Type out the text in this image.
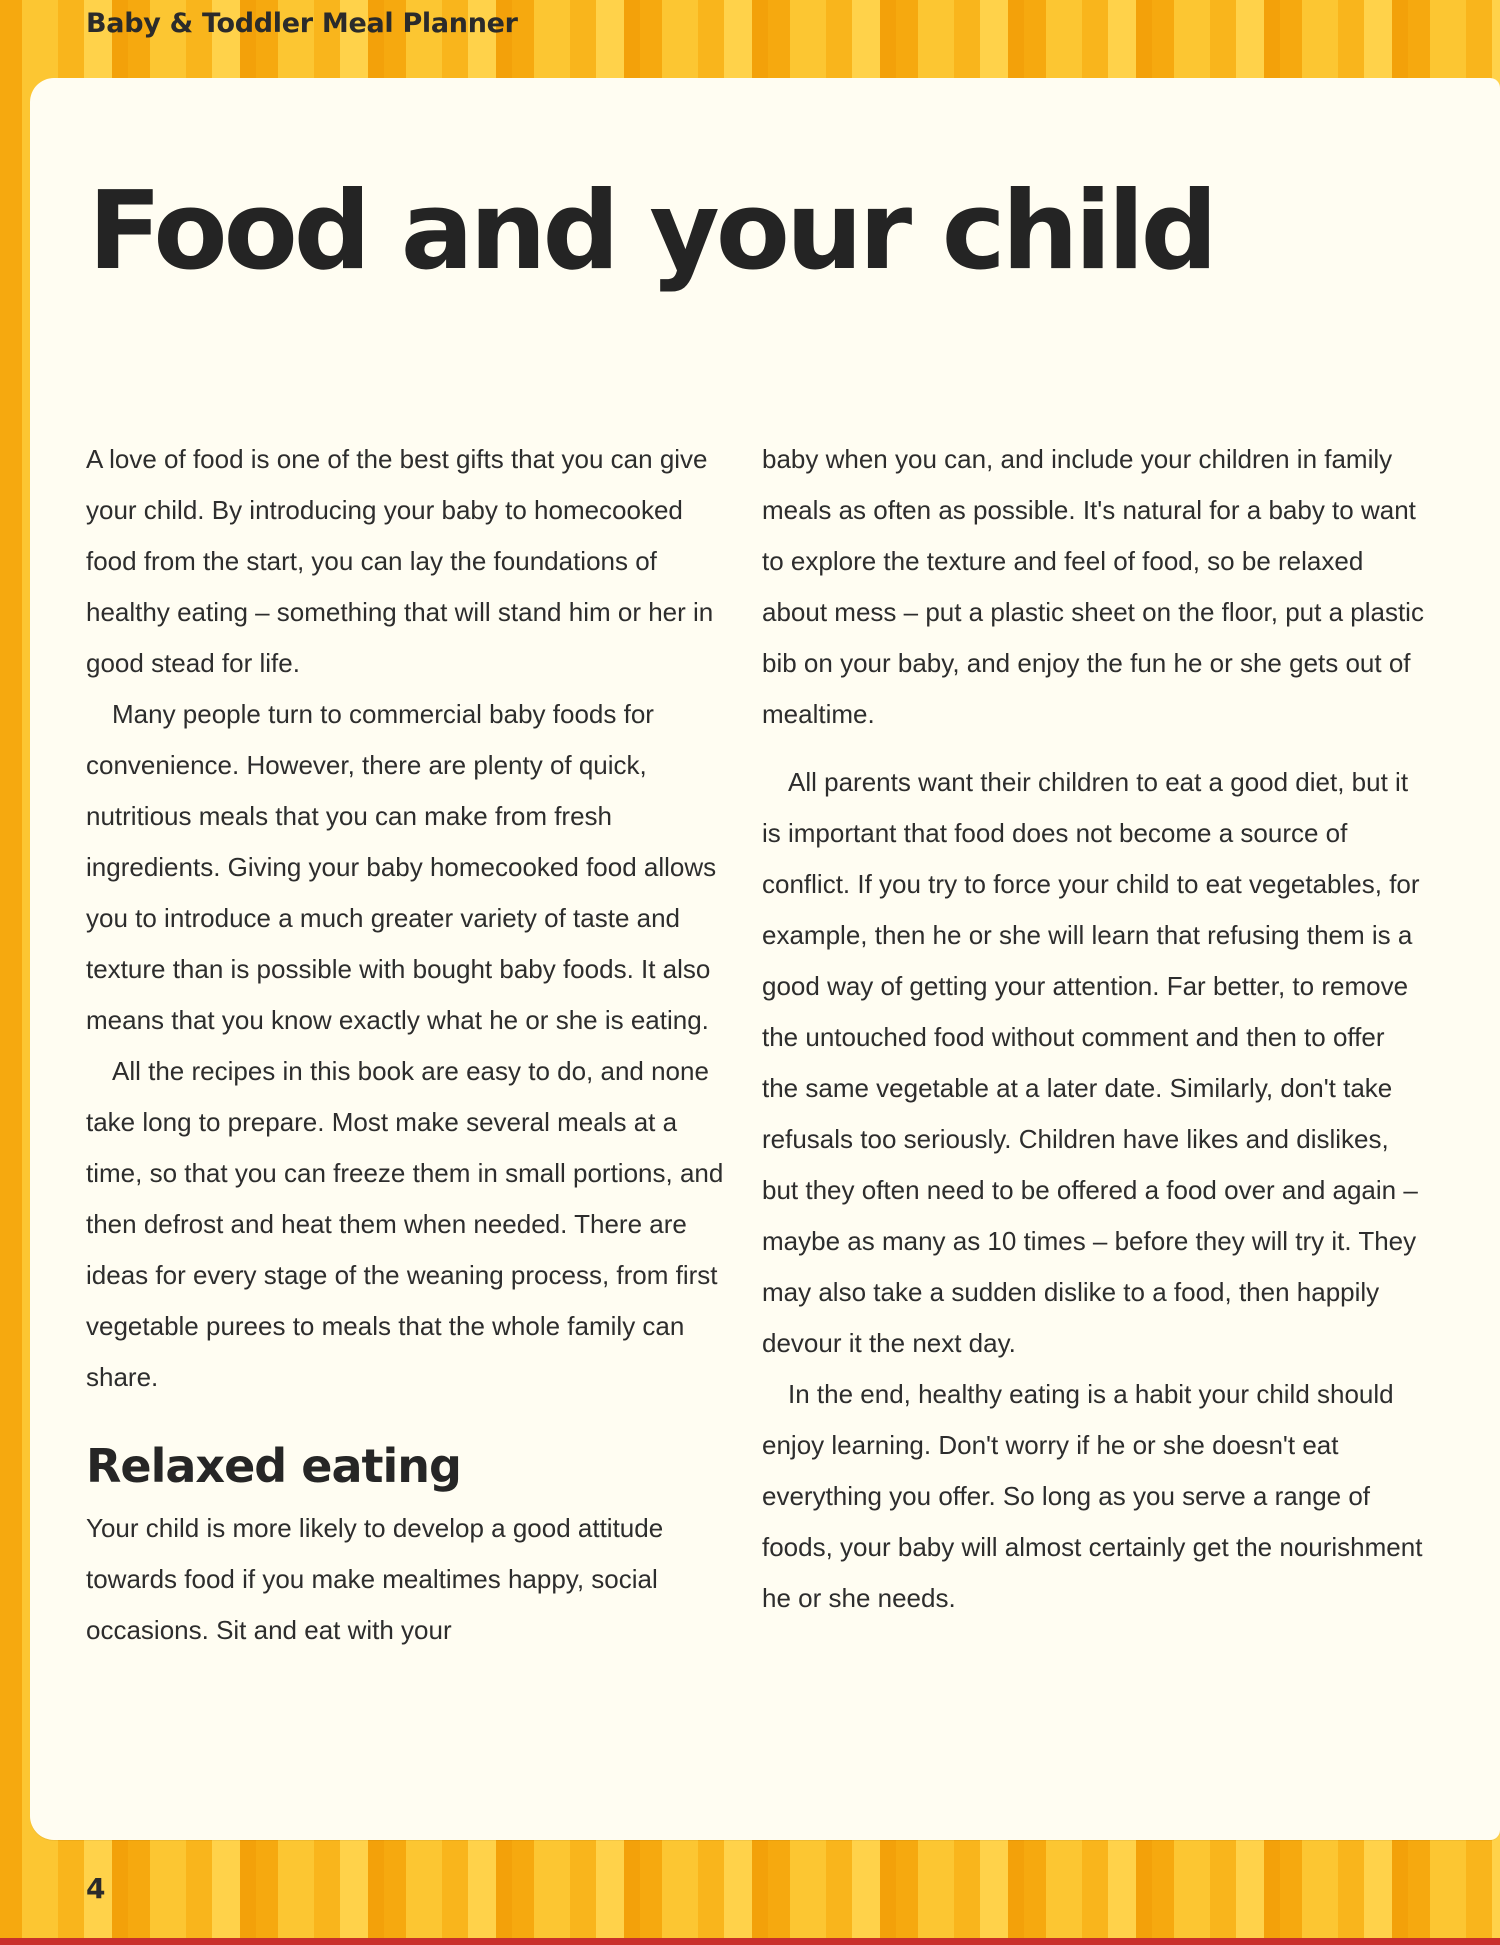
Baby & Toddler Meal Planner
Food and your child

A love of food is one of the best gifts that you can give your child. By introducing your baby to homecooked food from the start, you can lay the foundations of healthy eating – something that will stand him or her in good stead for life.

Many people turn to commercial baby foods for convenience. However, there are plenty of quick, nutritious meals that you can make from fresh ingredients. Giving your baby homecooked food allows you to introduce a much greater variety of taste and texture than is possible with bought baby foods. It also means that you know exactly what he or she is eating.

All the recipes in this book are easy to do, and none take long to prepare. Most make several meals at a time, so that you can freeze them in small portions, and then defrost and heat them when needed. There are ideas for every stage of the weaning process, from first vegetable purees to meals that the whole family can share.

Relaxed eating

Your child is more likely to develop a good attitude towards food if you make mealtimes happy, social occasions. Sit and eat with your

baby when you can, and include your children in family meals as often as possible. It's natural for a baby to want to explore the texture and feel of food, so be relaxed about mess – put a plastic sheet on the floor, put a plastic bib on your baby, and enjoy the fun he or she gets out of mealtime.

All parents want their children to eat a good diet, but it is important that food does not become a source of conflict. If you try to force your child to eat vegetables, for example, then he or she will learn that refusing them is a good way of getting your attention. Far better, to remove the untouched food without comment and then to offer the same vegetable at a later date. Similarly, don't take refusals too seriously. Children have likes and dislikes, but they often need to be offered a food over and again – maybe as many as 10 times – before they will try it. They may also take a sudden dislike to a food, then happily devour it the next day.

In the end, healthy eating is a habit your child should enjoy learning. Don't worry if he or she doesn't eat everything you offer. So long as you serve a range of foods, your baby will almost certainly get the nourishment he or she needs.

4
